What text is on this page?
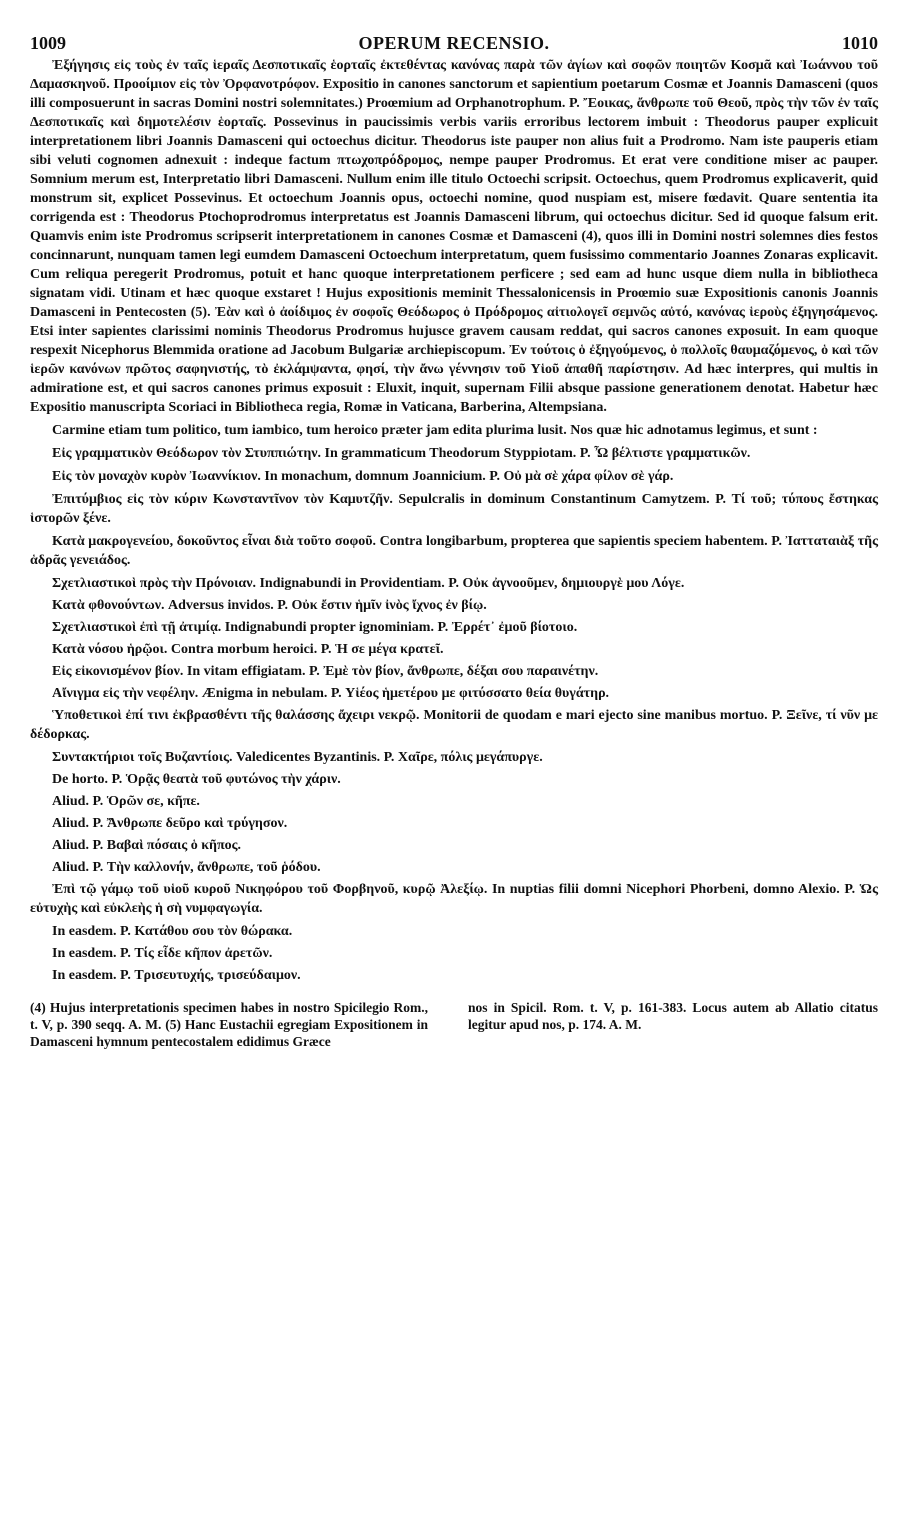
1009	OPERUM RECENSIO.	1010

Ἐξήγησις εἰς τοὺς ἐν ταῖς ἱεραῖς Δεσποτικαῖς ἑορταῖς ἐκτεθέντας κανόνας παρὰ τῶν ἁγίων καὶ σοφῶν ποιητῶν Κοσμᾶ καὶ Ἰωάννου τοῦ Δαμασκηνοῦ. Προοίμιον εἰς τὸν Ὀρφανοτρόφον. Expositio in canones sanctorum et sapientium poetarum Cosmæ et Joannis Damasceni (quos illi composuerunt in sacras Domini nostri solemnitates.) Proœmium ad Orphanotrophum. P. Ἔοικας, ἄνθρωπε τοῦ Θεοῦ, πρὸς τὴν τῶν ἐν ταῖς Δεσποτικαῖς καὶ δημοτελέσιν ἑορταῖς. Possevinus in paucissimis verbis variis erroribus lectorem imbuit : Theodorus pauper explicuit interpretationem libri Joannis Damasceni qui octoechus dicitur. Theodorus iste pauper non alius fuit a Prodromo. Nam iste pauperis etiam sibi veluti cognomen adnexuit : indeque factum πτωχοπρόδρομος, nempe pauper Prodromus. Et erat vere conditione miser ac pauper. Somnium merum est, Interpretatio libri Damasceni. Nullum enim ille titulo Octoechi scripsit. Octoechus, quem Prodromus explicaverit, quid monstrum sit, explicet Possevinus. Et octoechum Joannis opus, octoechi nomine, quod nuspiam est, misere fœdavit. Quare sententia ita corrigenda est : Theodorus Ptochoprodromus interpretatus est Joannis Damasceni librum, qui octoechus dicitur. Sed id quoque falsum erit. Quamvis enim iste Prodromus scripserit interpretationem in canones Cosmæ et Damasceni (4), quos illi in Domini nostri solemnes dies festos concinnarunt, nunquam tamen legi eumdem Damasceni Octoechum interpretatum, quem fusissimo commentario Joannes Zonaras explicavit. Cum reliqua peregerit Prodromus, potuit et hanc quoque interpretationem perficere ; sed eam ad hunc usque diem nulla in bibliotheca signatam vidi. Utinam et hæc quoque exstaret ! Hujus expositionis meminit Thessalonicensis in Proœmio suæ Expositionis canonis Joannis Damasceni in Pentecosten (5). Ἐὰν καὶ ὁ ἀοίδιμος ἐν σοφοῖς Θεόδωρος ὁ Πρόδρομος αἰτιολογεῖ σεμνῶς αὐτό, κανόνας ἱεροὺς ἐξηγησάμενος. Etsi inter sapientes clarissimi nominis Theodorus Prodromus hujusce gravem causam reddat, qui sacros canones exposuit. In eam quoque respexit Nicephorus Blemmida oratione ad Jacobum Bulgariæ archiepiscopum. Ἐν τούτοις ὁ ἐξηγούμενος, ὁ πολλοῖς θαυμαζόμενος, ὁ καὶ τῶν ἱερῶν κανόνων πρῶτος σαφηνιστής, τὸ ἐκλάμψαντα, φησί, τὴν ἄνω γέννησιν τοῦ Υἱοῦ ἀπαθῆ παρίστησιν. Ad hæc interpres, qui multis in admiratione est, et qui sacros canones primus exposuit : Eluxit, inquit, supernam Filii absque passione generationem denotat. Habetur hæc Expositio manuscripta Scoriaci in Bibliotheca regia, Romæ in Vaticana, Barberina, Altempsiana.

Carmine etiam tum politico, tum iambico, tum heroico præter jam edita plurima lusit. Nos quæ hic adnotamus legimus, et sunt :

Εἰς γραμματικὸν Θεόδωρον τὸν Στυππιώτην. In grammaticum Theodorum Styppiotam. P. Ὦ βέλτιστε γραμματικῶν.

Εἰς τὸν μοναχὸν κυρὸν Ἰωαννίκιον. In monachum, domnum Joannicium. P. Οὐ μὰ σὲ χάρα φίλον σὲ γάρ.

Ἐπιτύμβιος εἰς τὸν κύριν Κωνσταντῖνον τὸν Καμυτζῆν. Sepulcralis in dominum Constantinum Camytzem. P. Τί τοῦ; τύπους ἔστηκας ἱστορῶν ξένε.

Κατὰ μακρογενείου, δοκοῦντος εἶναι διὰ τοῦτο σοφοῦ. Contra longibarbum, propterea que sapientis speciem habentem. P. Ἰατταταιὰξ τῆς ἁδρᾶς γενειάδος.

Σχετλιαστικοὶ πρὸς τὴν Πρόνοιαν. Indignabundi in Providentiam. P. Οὐκ ἀγνοοῦμεν, δημιουργὲ μου Λόγε.

Κατὰ φθονούντων. Adversus invidos. P. Οὐκ ἔστιν ἡμῖν ἰνὸς ἴχνος ἐν βίῳ.

Σχετλιαστικοὶ ἐπὶ τῇ ἀτιμίᾳ. Indignabundi propter ignominiam. P. Ἐρρέτ᾽ ἐμοῦ βίοτοιο.

Κατὰ νόσου ἡρῷοι. Contra morbum heroici. P. Ἡ σε μέγα κρατεῖ.

Εἰς εἰκονισμένον βίον. In vitam effigiatam. P. Ἐμὲ τὸν βίον, ἄνθρωπε, δέξαι σου παραινέτην.

Αἴνιγμα εἰς τὴν νεφέλην. Ænigma in nebulam. P. Υἱέος ἡμετέρου με φιτύσσατο θεία θυγάτηρ.

Ὑποθετικοὶ ἐπί τινι ἐκβρασθέντι τῆς θαλάσσης ἄχειρι νεκρῷ. Monitorii de quodam e mari ejecto sine manibus mortuo. P. Ξεῖνε, τί νῦν με δέδορκας.

Συντακτήριοι τοῖς Βυζαντίοις. Valedicentes Byzantinis. P. Χαῖρε, πόλις μεγάπυργε.

De horto. P. Ὁρᾷς θεατὰ τοῦ φυτώνος τὴν χάριν.

Aliud. P. Ὁρῶν σε, κῆπε.

Aliud. P. Ἄνθρωπε δεῦρο καὶ τρύγησον.

Aliud. P. Βαβαὶ πόσαις ὁ κῆπος.

Aliud. P. Τὴν καλλονήν, ἄνθρωπε, τοῦ ῥόδου.

Ἐπὶ τῷ γάμῳ τοῦ υἱοῦ κυροῦ Νικηφόρου τοῦ Φορβηνοῦ, κυρῷ Ἀλεξίῳ. In nuptias filii domni Nicephori Phorbeni, domno Alexio. P. Ὡς εὐτυχὴς καὶ εὐκλεὴς ἡ σὴ νυμφαγωγία.

In easdem. P. Κατάθου σου τὸν θώρακα.

In easdem. P. Τίς εἶδε κῆπον ἀρετῶν.

In easdem. P. Τρισευτυχής, τρισεύδαιμον.

(4) Hujus interpretationis specimen habes in nostro Spicilegio Rom., t. V, p. 390 seqq. A. M. (5) Hanc Eustachii egregiam Expositionem in Damasceni hymnum pentecostalem edidimus Græce
nos in Spicil. Rom. t. V, p. 161-383. Locus autem ab Allatio citatus legitur apud nos, p. 174. A. M.
